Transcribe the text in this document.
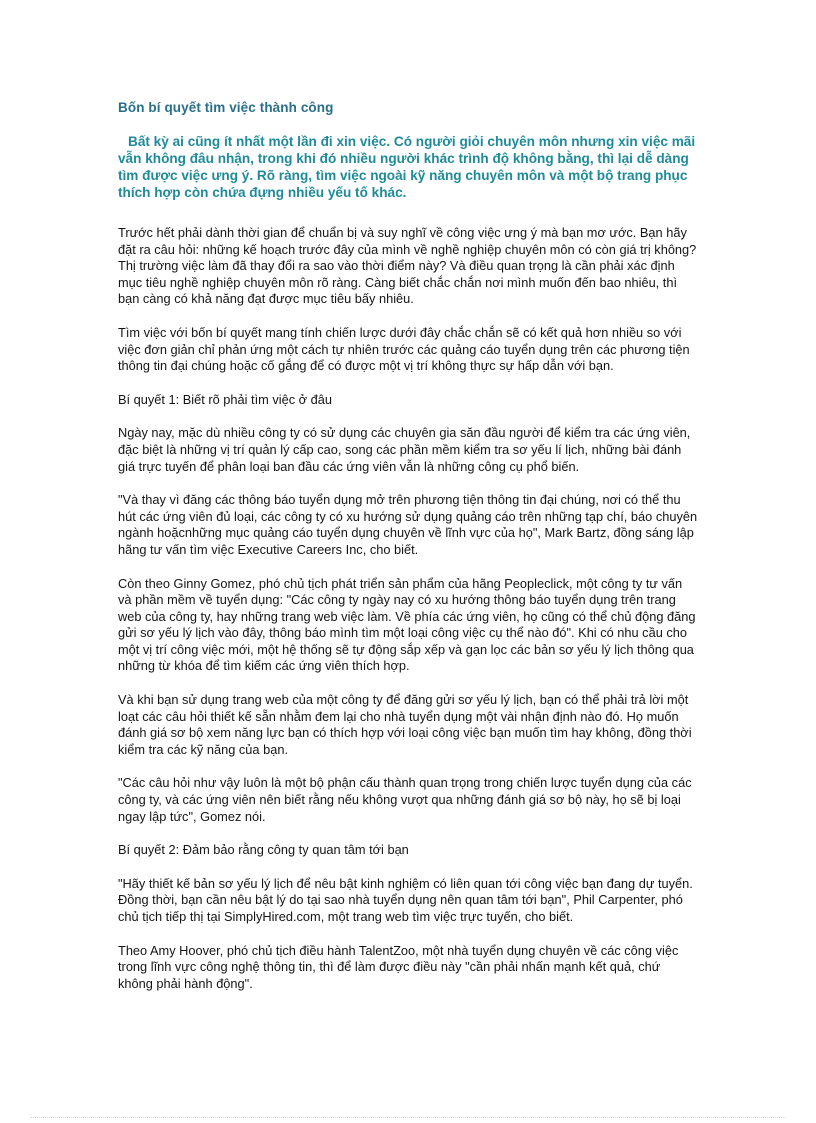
Bốn bí quyết tìm việc thành công
Bất kỳ ai cũng ít nhất một lần đi xin việc. Có người giỏi chuyên môn nhưng xin việc mãi vẫn không đâu nhận, trong khi đó nhiều người khác trình độ không bằng, thì lại dễ dàng tìm được việc ưng ý. Rõ ràng, tìm việc ngoài kỹ năng chuyên môn và một bộ trang phục thích hợp còn chứa đựng nhiều yếu tố khác.
Trước hết phải dành thời gian để chuẩn bị và suy nghĩ về công việc ưng ý mà bạn mơ ước. Bạn hãy đặt ra câu hỏi: những kế hoạch trước đây của mình về nghề nghiệp chuyên môn có còn giá trị không? Thị trường việc làm đã thay đổi ra sao vào thời điểm này? Và điều quan trọng là cần phải xác định mục tiêu nghề nghiệp chuyên môn rõ ràng. Càng biết chắc chắn nơi mình muốn đến bao nhiêu, thì bạn càng có khả năng đạt được mục tiêu bấy nhiêu.
Tìm việc với bốn bí quyết mang tính chiến lược dưới đây chắc chắn sẽ có kết quả hơn nhiều so với việc đơn giản chỉ phản ứng một cách tự nhiên trước các quảng cáo tuyển dụng trên các phương tiện thông tin đại chúng hoặc cố gắng để có được một vị trí không thực sự hấp dẫn với bạn.
Bí quyết 1: Biết rõ phải tìm việc ở đâu
Ngày nay, mặc dù nhiều công ty có sử dụng các chuyên gia săn đầu người để kiểm tra các ứng viên, đặc biệt là những vị trí quản lý cấp cao, song các phần mềm kiểm tra sơ yếu lí lịch, những bài đánh giá trực tuyến để phân loại ban đầu các ứng viên vẫn là những công cụ phổ biến.
"Và thay vì đăng các thông báo tuyển dụng mở trên phương tiện thông tin đại chúng, nơi có thể thu hút các ứng viên đủ loại, các công ty có xu hướng sử dụng quảng cáo trên những tạp chí, báo chuyên ngành hoặcnhững mục quảng cáo tuyển dụng chuyên về lĩnh vực của họ", Mark Bartz, đồng sáng lập hãng tư vấn tìm việc Executive Careers Inc, cho biết.
Còn theo Ginny Gomez, phó chủ tịch phát triển sản phẩm của hãng Peopleclick, một công ty tư vấn và phần mềm về tuyển dụng: "Các công ty ngày nay có xu hướng thông báo tuyển dụng trên trang web của công ty, hay những trang web việc làm. Về phía các ứng viên, họ cũng có thể chủ động đăng gửi sơ yếu lý lịch vào đây, thông báo mình tìm một loại công việc cụ thể nào đó". Khi có nhu cầu cho một vị trí công việc mới, một hệ thống sẽ tự động sắp xếp và gạn lọc các bản sơ yếu lý lịch thông qua những từ khóa để tìm kiếm các ứng viên thích hợp.
Và khi bạn sử dụng trang web của một công ty để đăng gửi sơ yếu lý lịch, bạn có thể phải trả lời một loạt các câu hỏi thiết kế sẵn nhằm đem lại cho nhà tuyển dụng một vài nhận định nào đó. Họ muốn đánh giá sơ bộ xem năng lực bạn có thích hợp với loại công việc bạn muốn tìm hay không, đồng thời kiểm tra các kỹ năng của bạn.
"Các câu hỏi như vậy luôn là một bộ phận cấu thành quan trọng trong chiến lược tuyển dụng của các công ty, và các ứng viên nên biết rằng nếu không vượt qua những đánh giá sơ bộ này, họ sẽ bị loại ngay lập tức", Gomez nói.
Bí quyết 2: Đảm bảo rằng công ty quan tâm tới bạn
"Hãy thiết kế bản sơ yếu lý lịch để nêu bật kinh nghiệm có liên quan tới công việc bạn đang dự tuyển. Đồng thời, bạn cần nêu bật lý do tại sao nhà tuyển dụng nên quan tâm tới bạn", Phil Carpenter, phó chủ tịch tiếp thị tại SimplyHired.com, một trang web tìm việc trực tuyến, cho biết.
Theo Amy Hoover, phó chủ tịch điều hành TalentZoo, một nhà tuyển dụng chuyên về các công việc trong lĩnh vực công nghệ thông tin, thì để làm được điều này "cần phải nhấn mạnh kết quả, chứ không phải hành động".
